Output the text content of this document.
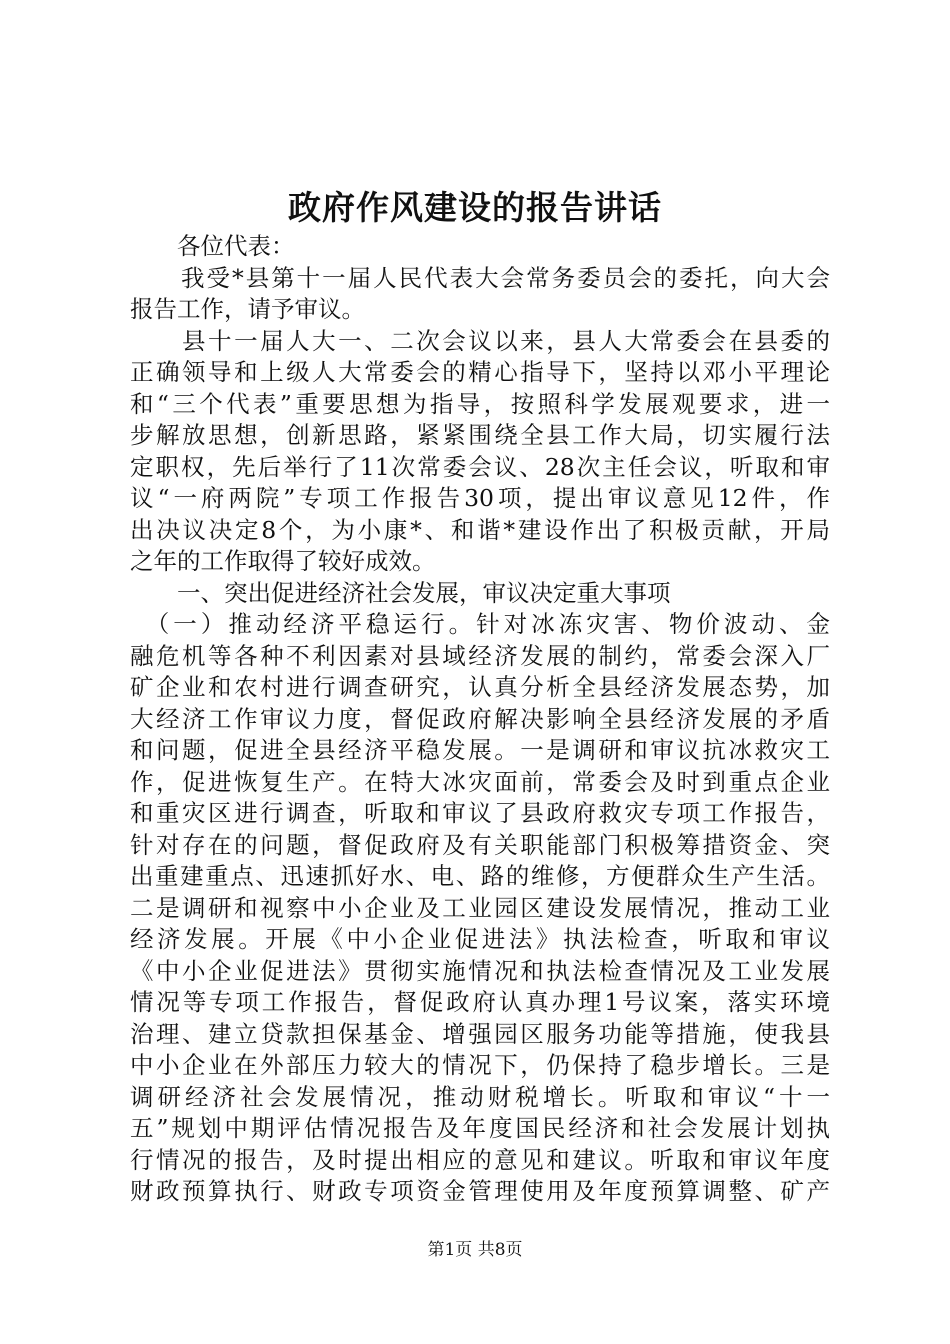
政府作风建设的报告讲话
　　各位代表：
　　我受*县第十一届人民代表大会常务委员会的委托，向大会
报告工作，请予审议。
　　县十一届人大一、二次会议以来，县人大常委会在县委的
正确领导和上级人大常委会的精心指导下，坚持以邓小平理论
和“三个代表”重要思想为指导，按照科学发展观要求，进一
步解放思想，创新思路，紧紧围绕全县工作大局，切实履行法
定职权，先后举行了11次常委会议、28次主任会议，听取和审
议“一府两院”专项工作报告30项，提出审议意见12件，作
出决议决定8个，为小康*、和谐*建设作出了积极贡献，开局
之年的工作取得了较好成效。
　　一、突出促进经济社会发展，审议决定重大事项
　（一）推动经济平稳运行。针对冰冻灾害、物价波动、金
融危机等各种不利因素对县域经济发展的制约，常委会深入厂
矿企业和农村进行调查研究，认真分析全县经济发展态势，加
大经济工作审议力度，督促政府解决影响全县经济发展的矛盾
和问题，促进全县经济平稳发展。一是调研和审议抗冰救灾工
作，促进恢复生产。在特大冰灾面前，常委会及时到重点企业
和重灾区进行调查，听取和审议了县政府救灾专项工作报告，
针对存在的问题，督促政府及有关职能部门积极筹措资金、突
出重建重点、迅速抓好水、电、路的维修，方便群众生产生活。
二是调研和视察中小企业及工业园区建设发展情况，推动工业
经济发展。开展《中小企业促进法》执法检查，听取和审议
《中小企业促进法》贯彻实施情况和执法检查情况及工业发展
情况等专项工作报告，督促政府认真办理1号议案，落实环境
治理、建立贷款担保基金、增强园区服务功能等措施，使我县
中小企业在外部压力较大的情况下，仍保持了稳步增长。三是
调研经济社会发展情况，推动财税增长。听取和审议“十一
五”规划中期评估情况报告及年度国民经济和社会发展计划执
行情况的报告，及时提出相应的意见和建议。听取和审议年度
财政预算执行、财政专项资金管理使用及年度预算调整、矿产
第1页 共8页
